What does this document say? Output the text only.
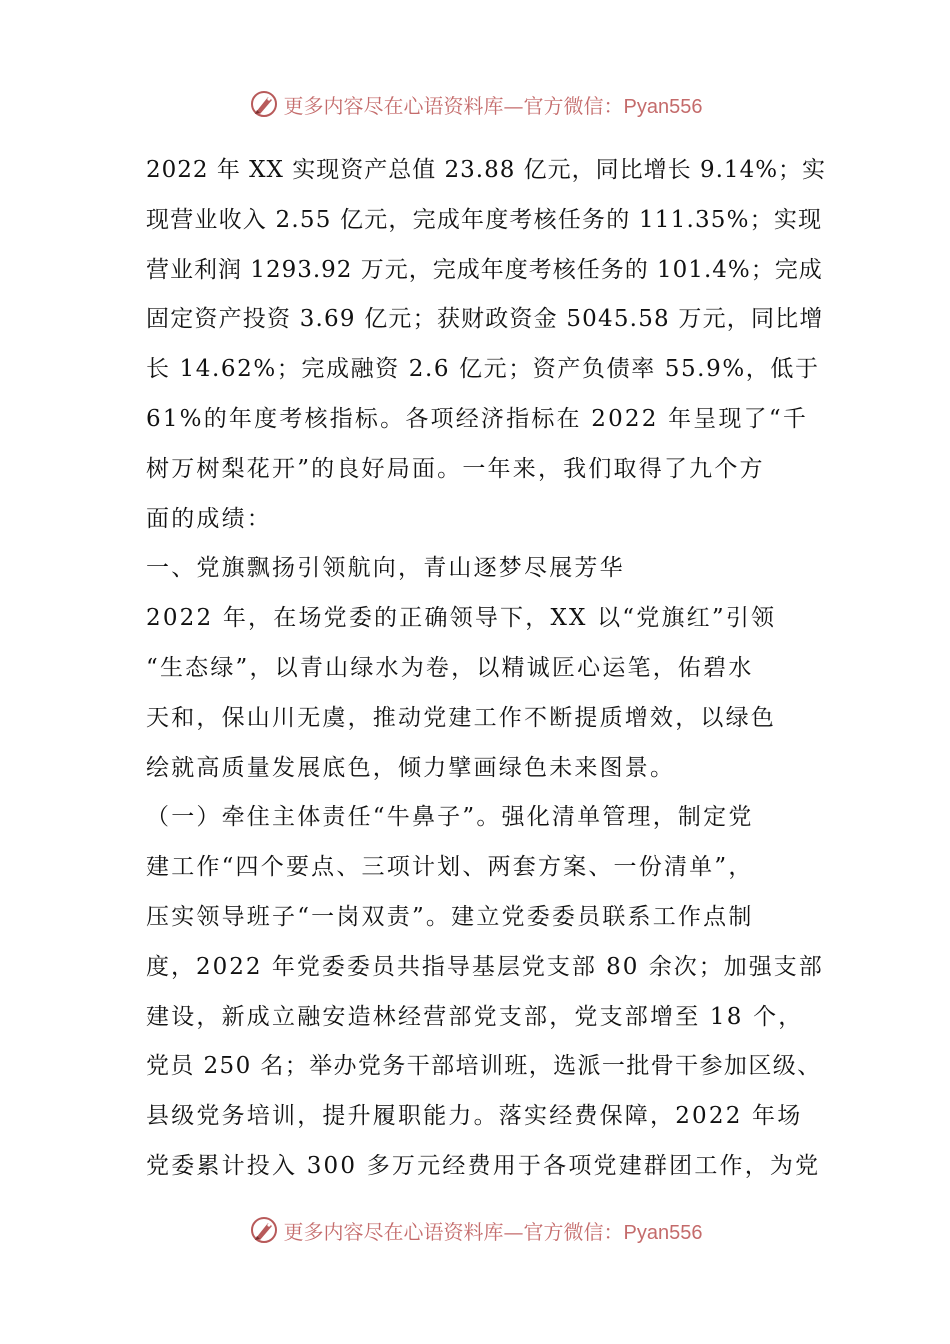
更多内容尽在心语资料库—官方微信：Pyan556
2022 年 XX 实现资产总值 23.88 亿元，同比增长 9.14%；实
现营业收入 2.55 亿元，完成年度考核任务的 111.35%；实现
营业利润 1293.92 万元，完成年度考核任务的 101.4%；完成
固定资产投资 3.69 亿元；获财政资金 5045.58 万元，同比增
长 14.62%；完成融资 2.6 亿元；资产负债率 55.9%，低于
61%的年度考核指标。各项经济指标在 2022 年呈现了“千
树万树梨花开”的良好局面。一年来，我们取得了九个方
面的成绩：
一、党旗飘扬引领航向，青山逐梦尽展芳华
2022 年，在场党委的正确领导下，XX 以“党旗红”引领
“生态绿”，以青山绿水为卷，以精诚匠心运笔，佑碧水
天和，保山川无虞，推动党建工作不断提质增效，以绿色
绘就高质量发展底色，倾力擘画绿色未来图景。
（一）牵住主体责任“牛鼻子”。强化清单管理，制定党
建工作“四个要点、三项计划、两套方案、一份清单”，
压实领导班子“一岗双责”。建立党委委员联系工作点制
度，2022 年党委委员共指导基层党支部 80 余次；加强支部
建设，新成立融安造林经营部党支部，党支部增至 18 个，
党员 250 名；举办党务干部培训班，选派一批骨干参加区级、
县级党务培训，提升履职能力。落实经费保障，2022 年场
党委累计投入 300 多万元经费用于各项党建群团工作，为党
更多内容尽在心语资料库—官方微信：Pyan556
